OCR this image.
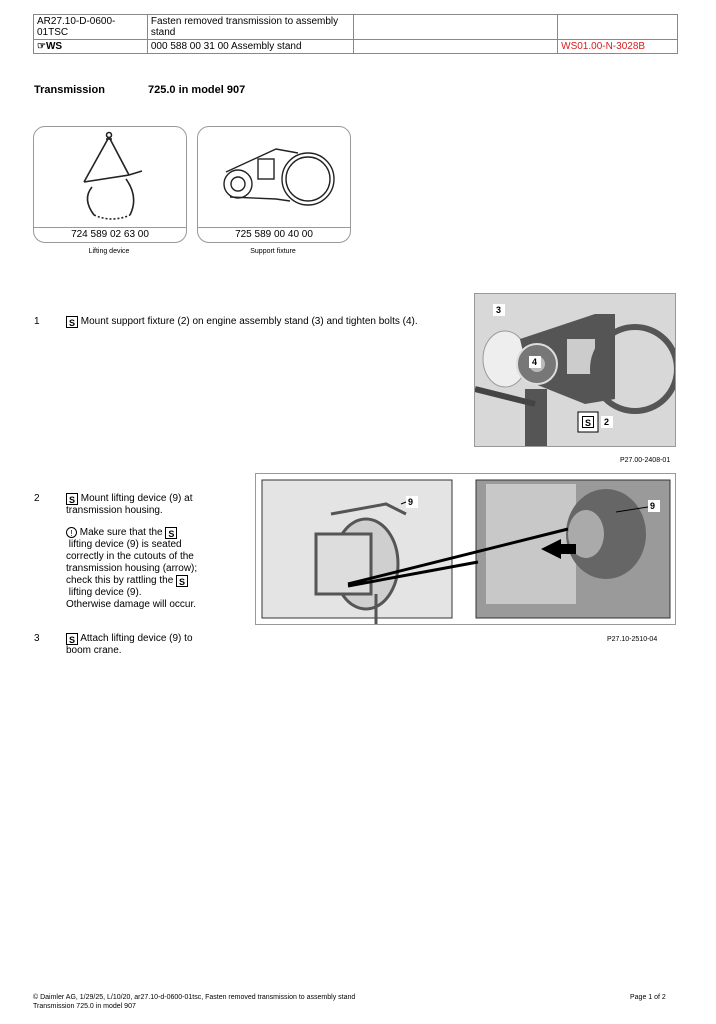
AR27.10-D-0600-01TSC	Fasten removed transmission to assembly stand		
☞WS	000 588 00 31 00 Assembly stand		WS01.00-N-3028B
Transmission	725.0 in model 907
724 589 02 63 00
Lifting device
725 589 00 40 00
Support fixture
1	S Mount support fixture (2) on engine assembly stand (3) and tighten bolts (4).
3
4
2
S
P27.00-2408-01
2	S Mount lifting device (9) at
transmission housing.
! Make sure that the S
lifting device (9) is seated
correctly in the cutouts of the
transmission housing (arrow);
check this by rattling the S
lifting device (9).
Otherwise damage will occur.
9	9
P27.10-2510-04
3	S Attach lifting device (9) to
boom crane.
© Daimler AG, 1/29/25, L/10/20, ar27.10-d-0600-01tsc, Fasten removed transmission to assembly stand
Transmission 725.0 in model 907
Page 1 of 2
